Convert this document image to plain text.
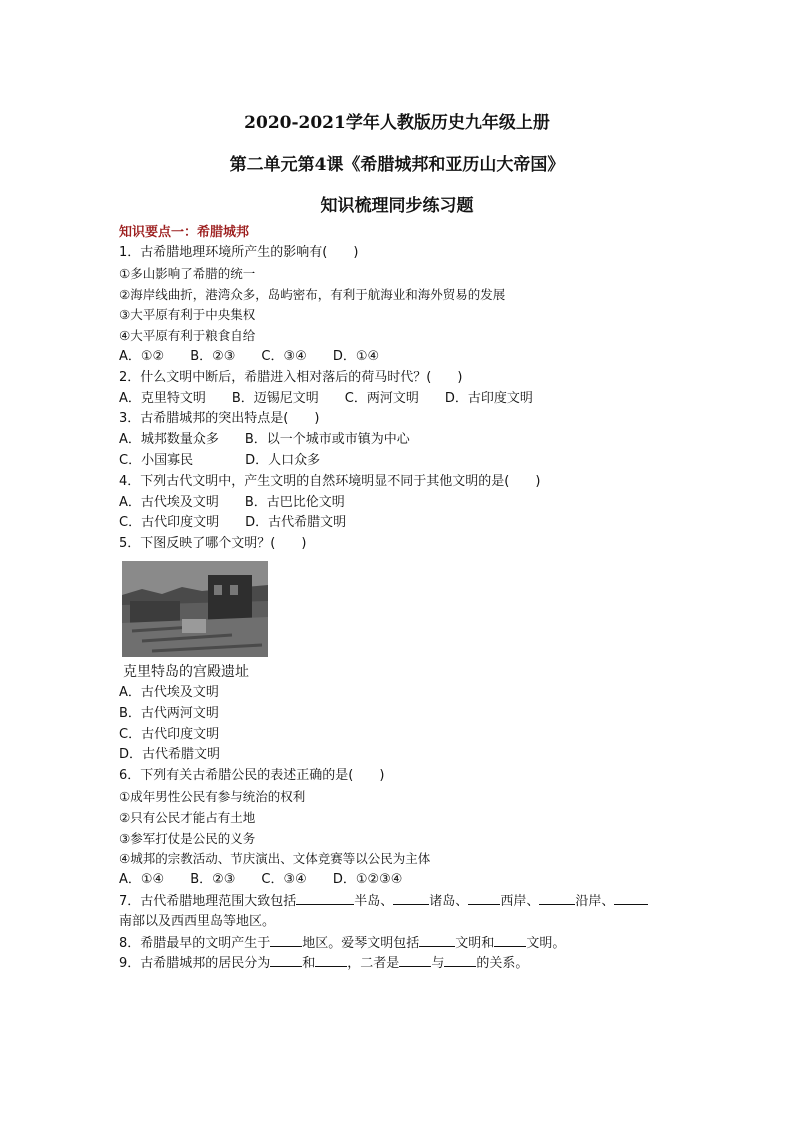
2020-2021学年人教版历史九年级上册
第二单元第4课《希腊城邦和亚历山大帝国》
知识梳理同步练习题
知识要点一：希腊城邦
1．古希腊地理环境所产生的影响有(　　)
①多山影响了希腊的统一
②海岸线曲折，港湾众多，岛屿密布，有利于航海业和海外贸易的发展
③大平原有利于中央集权
④大平原有利于粮食自给
A．①②　　B．②③　　C．③④　　D．①④
2．什么文明中断后，希腊进入相对落后的荷马时代？(　　)
A．克里特文明　　B．迈锡尼文明　　C．两河文明　　D．古印度文明
3．古希腊城邦的突出特点是(　　)
A．城邦数量众多　　B．以一个城市或市镇为中心
C．小国寡民　　　　D．人口众多
4．下列古代文明中，产生文明的自然环境明显不同于其他文明的是(　　)
A．古代埃及文明　　B．古巴比伦文明
C．古代印度文明　　D．古代希腊文明
5．下图反映了哪个文明？(　　)
克里特岛的宫殿遗址
A．古代埃及文明
B．古代两河文明
C．古代印度文明
D．古代希腊文明
6．下列有关古希腊公民的表述正确的是(　　)
①成年男性公民有参与统治的权利
②只有公民才能占有土地
③参军打仗是公民的义务
④城邦的宗教活动、节庆演出、文体竞赛等以公民为主体
A．①④　　B．②③　　C．③④　　D．①②③④
7．古代希腊地理范围大致包括	半岛、	诸岛、 西岸、	沿岸、
南部以及西西里岛等地区。
8．希腊最早的文明产生于 地区。爱琴文明包括	文明和 文明。
9．古希腊城邦的居民分为 和 ，二者是 与 的关系。
